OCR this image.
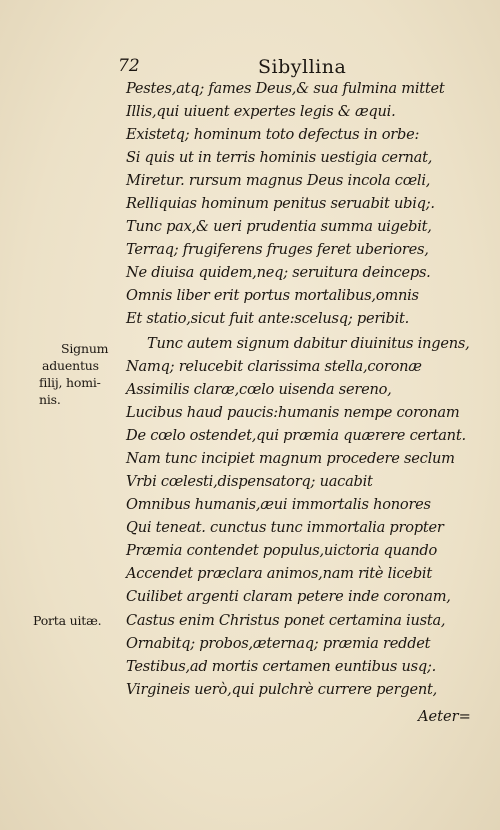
72	Sibyllina
Pestes,atq; fames Deus,& sua fulmina mittet
Illis,qui uiuent expertes legis & æqui.
Existetq; hominum toto defectus in orbe:
Si quis ut in terris hominis uestigia cernat,
Miretur. rursum magnus Deus incola cœli,
Relliquias hominum penitus seruabit ubiq;.
Tunc pax,& ueri prudentia summa uigebit,
Terraq; frugiferens fruges feret uberiores,
Ne diuisa quidem,neq; seruitura deinceps.
Omnis liber erit portus mortalibus,omnis
Et statio,sicut fuit ante:scelusq; peribit.
Tunc autem signum dabitur diuinitus ingens,
Namq; relucebit clarissima stella,coronæ
Assimilis claræ,cœlo uisenda sereno,
Lucibus haud paucis:humanis nempe coronam
De cœlo ostendet,qui præmia quærere certant.
Nam tunc incipiet magnum procedere seclum
Vrbi cœlesti,dispensatorq; uacabit
Omnibus humanis,æui immortalis honores
Qui teneat. cunctus tunc immortalia propter
Præmia contendet populus,uictoria quando
Accendet præclara animos,nam ritè licebit
Cuilibet argenti claram petere inde coronam,
Castus enim Christus ponet certamina iusta,
Ornabitq; probos,æternaq; præmia reddet
Testibus,ad mortis certamen euntibus usq;.
Virgineis uerò,qui pulchrè currere pergent,
Signum
aduentus
filij, homi-
nis.
Porta uitæ.
Aeter=
